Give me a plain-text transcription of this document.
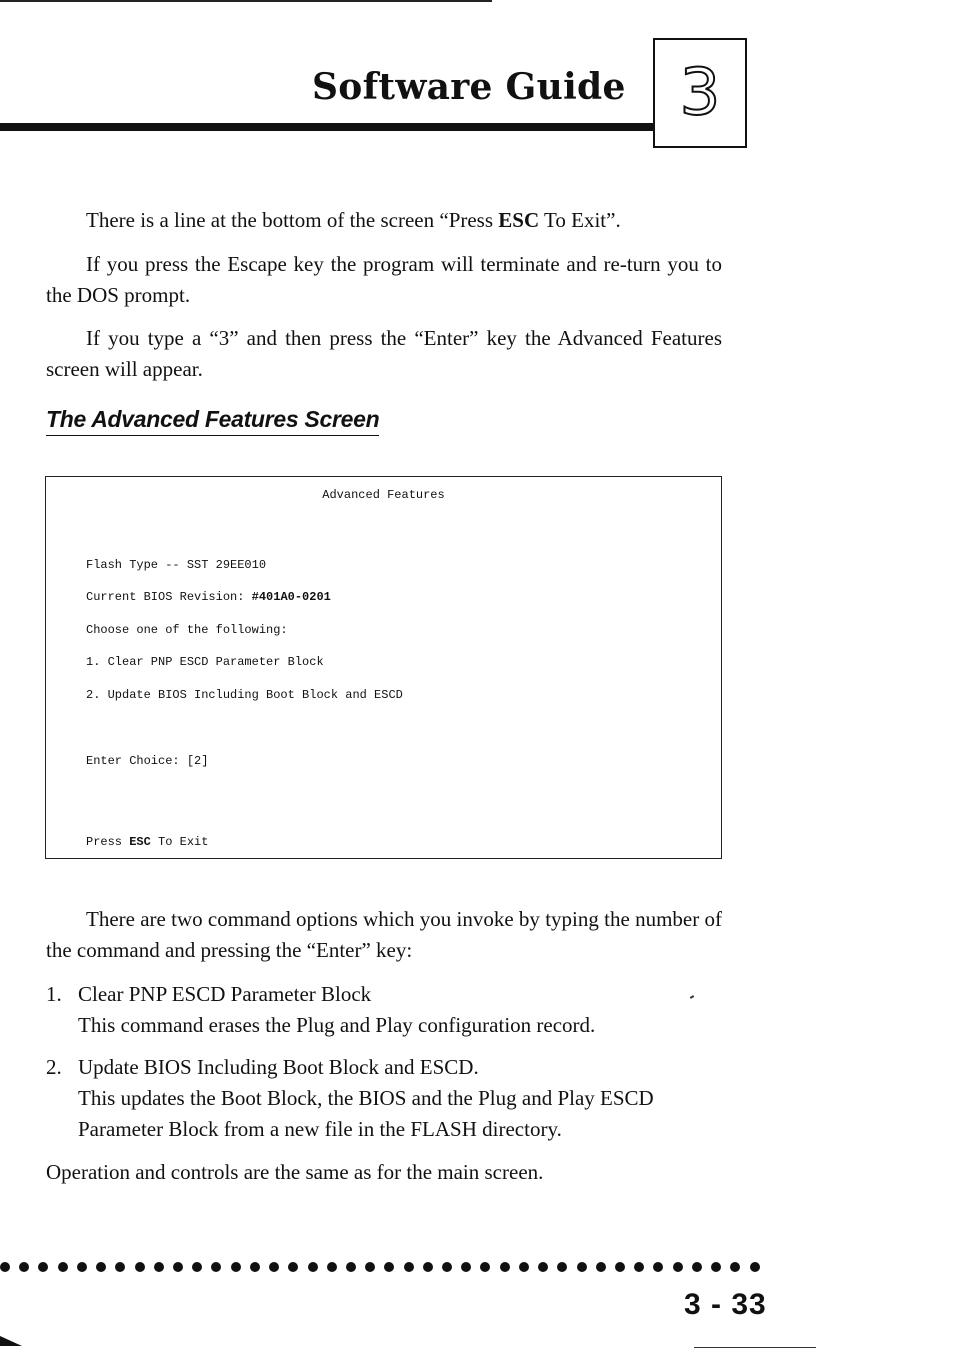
Software Guide 3

There is a line at the bottom of the screen “Press ESC To Exit”.

If you press the Escape key the program will terminate and re-turn you to the DOS prompt.

If you type a “3” and then press the “Enter” key the Advanced Features screen will appear.

The Advanced Features Screen

Advanced Features

Flash Type -- SST 29EE010

Current BIOS Revision: #401A0-0201

Choose one of the following:

1. Clear PNP ESCD Parameter Block

2. Update BIOS Including Boot Block and ESCD

Enter Choice: [2]

Press ESC To Exit

There are two command options which you invoke by typing the number of the command and pressing the “Enter” key:

1. Clear PNP ESCD Parameter Block
This command erases the Plug and Play configuration record.
2. Update BIOS Including Boot Block and ESCD.
This updates the Boot Block, the BIOS and the Plug and Play ESCD Parameter Block from a new file in the FLASH directory.

Operation and controls are the same as for the main screen.

3 - 33
